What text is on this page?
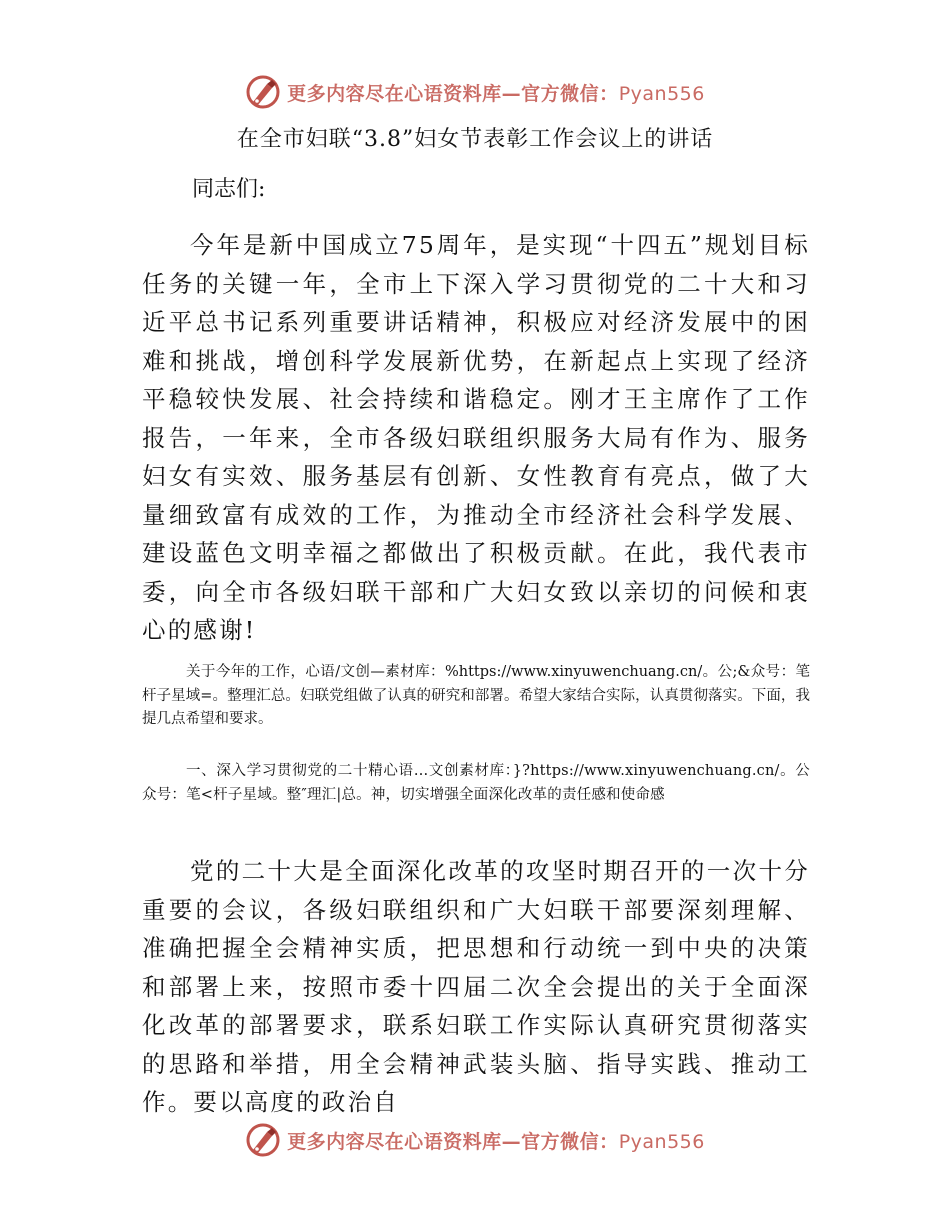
更多内容尽在心语资料库—官方微信：Pyan556
在全市妇联“3.8”妇女节表彰工作会议上的讲话
同志们:

今年是新中国成立75周年，是实现“十四五”规划目标任务的关键一年，全市上下深入学习贯彻党的二十大和习近平总书记系列重要讲话精神，积极应对经济发展中的困难和挑战，增创科学发展新优势，在新起点上实现了经济平稳较快发展、社会持续和谐稳定。刚才王主席作了工作报告，一年来，全市各级妇联组织服务大局有作为、服务妇女有实效、服务基层有创新、女性教育有亮点，做了大量细致富有成效的工作，为推动全市经济社会科学发展、建设蓝色文明幸福之都做出了积极贡献。在此，我代表市委，向全市各级妇联干部和广大妇女致以亲切的问候和衷心的感谢!

关于今年的工作，心语/文创—素材库：%https://www.xinyuwenchuang.cn/。公;&众号：笔杆子星域=。整理汇总。妇联党组做了认真的研究和部署。希望大家结合实际，认真贯彻落实。下面，我提几点希望和要求。

一、深入学习贯彻党的二十精心语…文创素材库：}?https://www.xinyuwenchuang.cn/。公众号：笔<杆子星域。整″理汇|总。神，切实增强全面深化改革的责任感和使命感

党的二十大是全面深化改革的攻坚时期召开的一次十分重要的会议，各级妇联组织和广大妇联干部要深刻理解、准确把握全会精神实质，把思想和行动统一到中央的决策和部署上来，按照市委十四届二次全会提出的关于全面深化改革的部署要求，联系妇联工作实际认真研究贯彻落实的思路和举措，用全会精神武装头脑、指导实践、推动工作。要以高度的政治自

更多内容尽在心语资料库—官方微信：Pyan556
